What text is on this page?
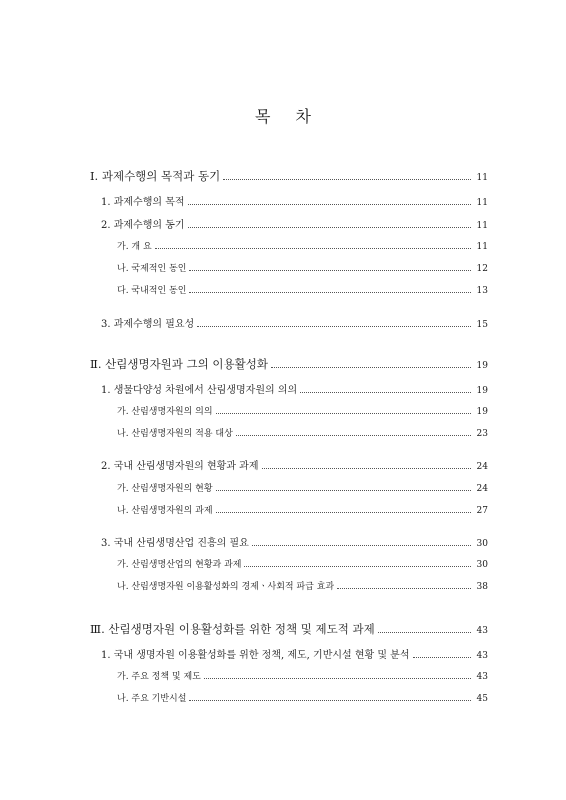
목 차
Ⅰ. 과제수행의 목적과 동기	11
1. 과제수행의 목적	11
2. 과제수행의 동기	11
가. 개 요	11
나. 국제적인 동인	12
다. 국내적인 동인	13
3. 과제수행의 필요성	15
Ⅱ. 산림생명자원과 그의 이용활성화	19
1. 생물다양성 차원에서 산림생명자원의 의의	19
가. 산림생명자원의 의의	19
나. 산림생명자원의 적용 대상	23
2. 국내 산림생명자원의 현황과 과제	24
가. 산림생명자원의 현황	24
나. 산림생명자원의 과제	27
3. 국내 산림생명산업 진흥의 필요	30
가. 산림생명산업의 현황과 과제	30
나. 산림생명자원 이용활성화의 경제ㆍ사회적 파급 효과	38
Ⅲ. 산림생명자원 이용활성화를 위한 정책 및 제도적 과제	43
1. 국내 생명자원 이용활성화를 위한 정책, 제도, 기반시설 현황 및 분석	43
가. 주요 정책 및 제도	43
나. 주요 기반시설	45
